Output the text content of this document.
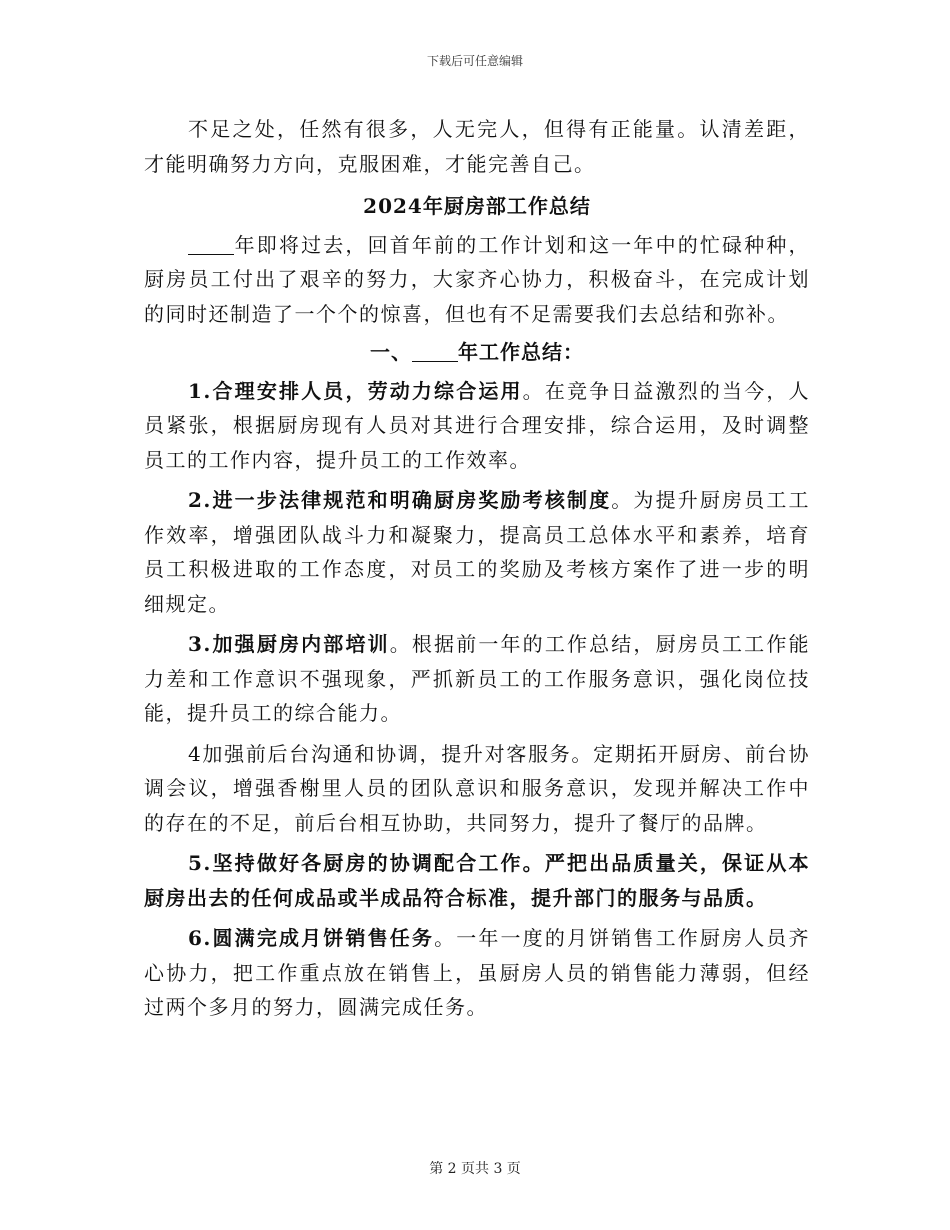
下载后可任意编辑

不足之处，任然有很多，人无完人，但得有正能量。认清差距，才能明确努力方向，克服困难，才能完善自己。

2024年厨房部工作总结

年即将过去，回首年前的工作计划和这一年中的忙碌种种，厨房员工付出了艰辛的努力，大家齐心协力，积极奋斗，在完成计划的同时还制造了一个个的惊喜，但也有不足需要我们去总结和弥补。

一、 年工作总结：

1.合理安排人员，劳动力综合运用。在竞争日益激烈的当今，人员紧张，根据厨房现有人员对其进行合理安排，综合运用，及时调整员工的工作内容，提升员工的工作效率。

2.进一步法律规范和明确厨房奖励考核制度。为提升厨房员工工作效率，增强团队战斗力和凝聚力，提高员工总体水平和素养，培育员工积极进取的工作态度，对员工的奖励及考核方案作了进一步的明细规定。

3.加强厨房内部培训。根据前一年的工作总结，厨房员工工作能力差和工作意识不强现象，严抓新员工的工作服务意识，强化岗位技能，提升员工的综合能力。

4加强前后台沟通和协调，提升对客服务。定期拓开厨房、前台协调会议，增强香榭里人员的团队意识和服务意识，发现并解决工作中的存在的不足，前后台相互协助，共同努力，提升了餐厅的品牌。

5.坚持做好各厨房的协调配合工作。严把出品质量关，保证从本厨房出去的任何成品或半成品符合标准，提升部门的服务与品质。

6.圆满完成月饼销售任务。一年一度的月饼销售工作厨房人员齐心协力，把工作重点放在销售上，虽厨房人员的销售能力薄弱，但经过两个多月的努力，圆满完成任务。

第 2 页共 3 页
